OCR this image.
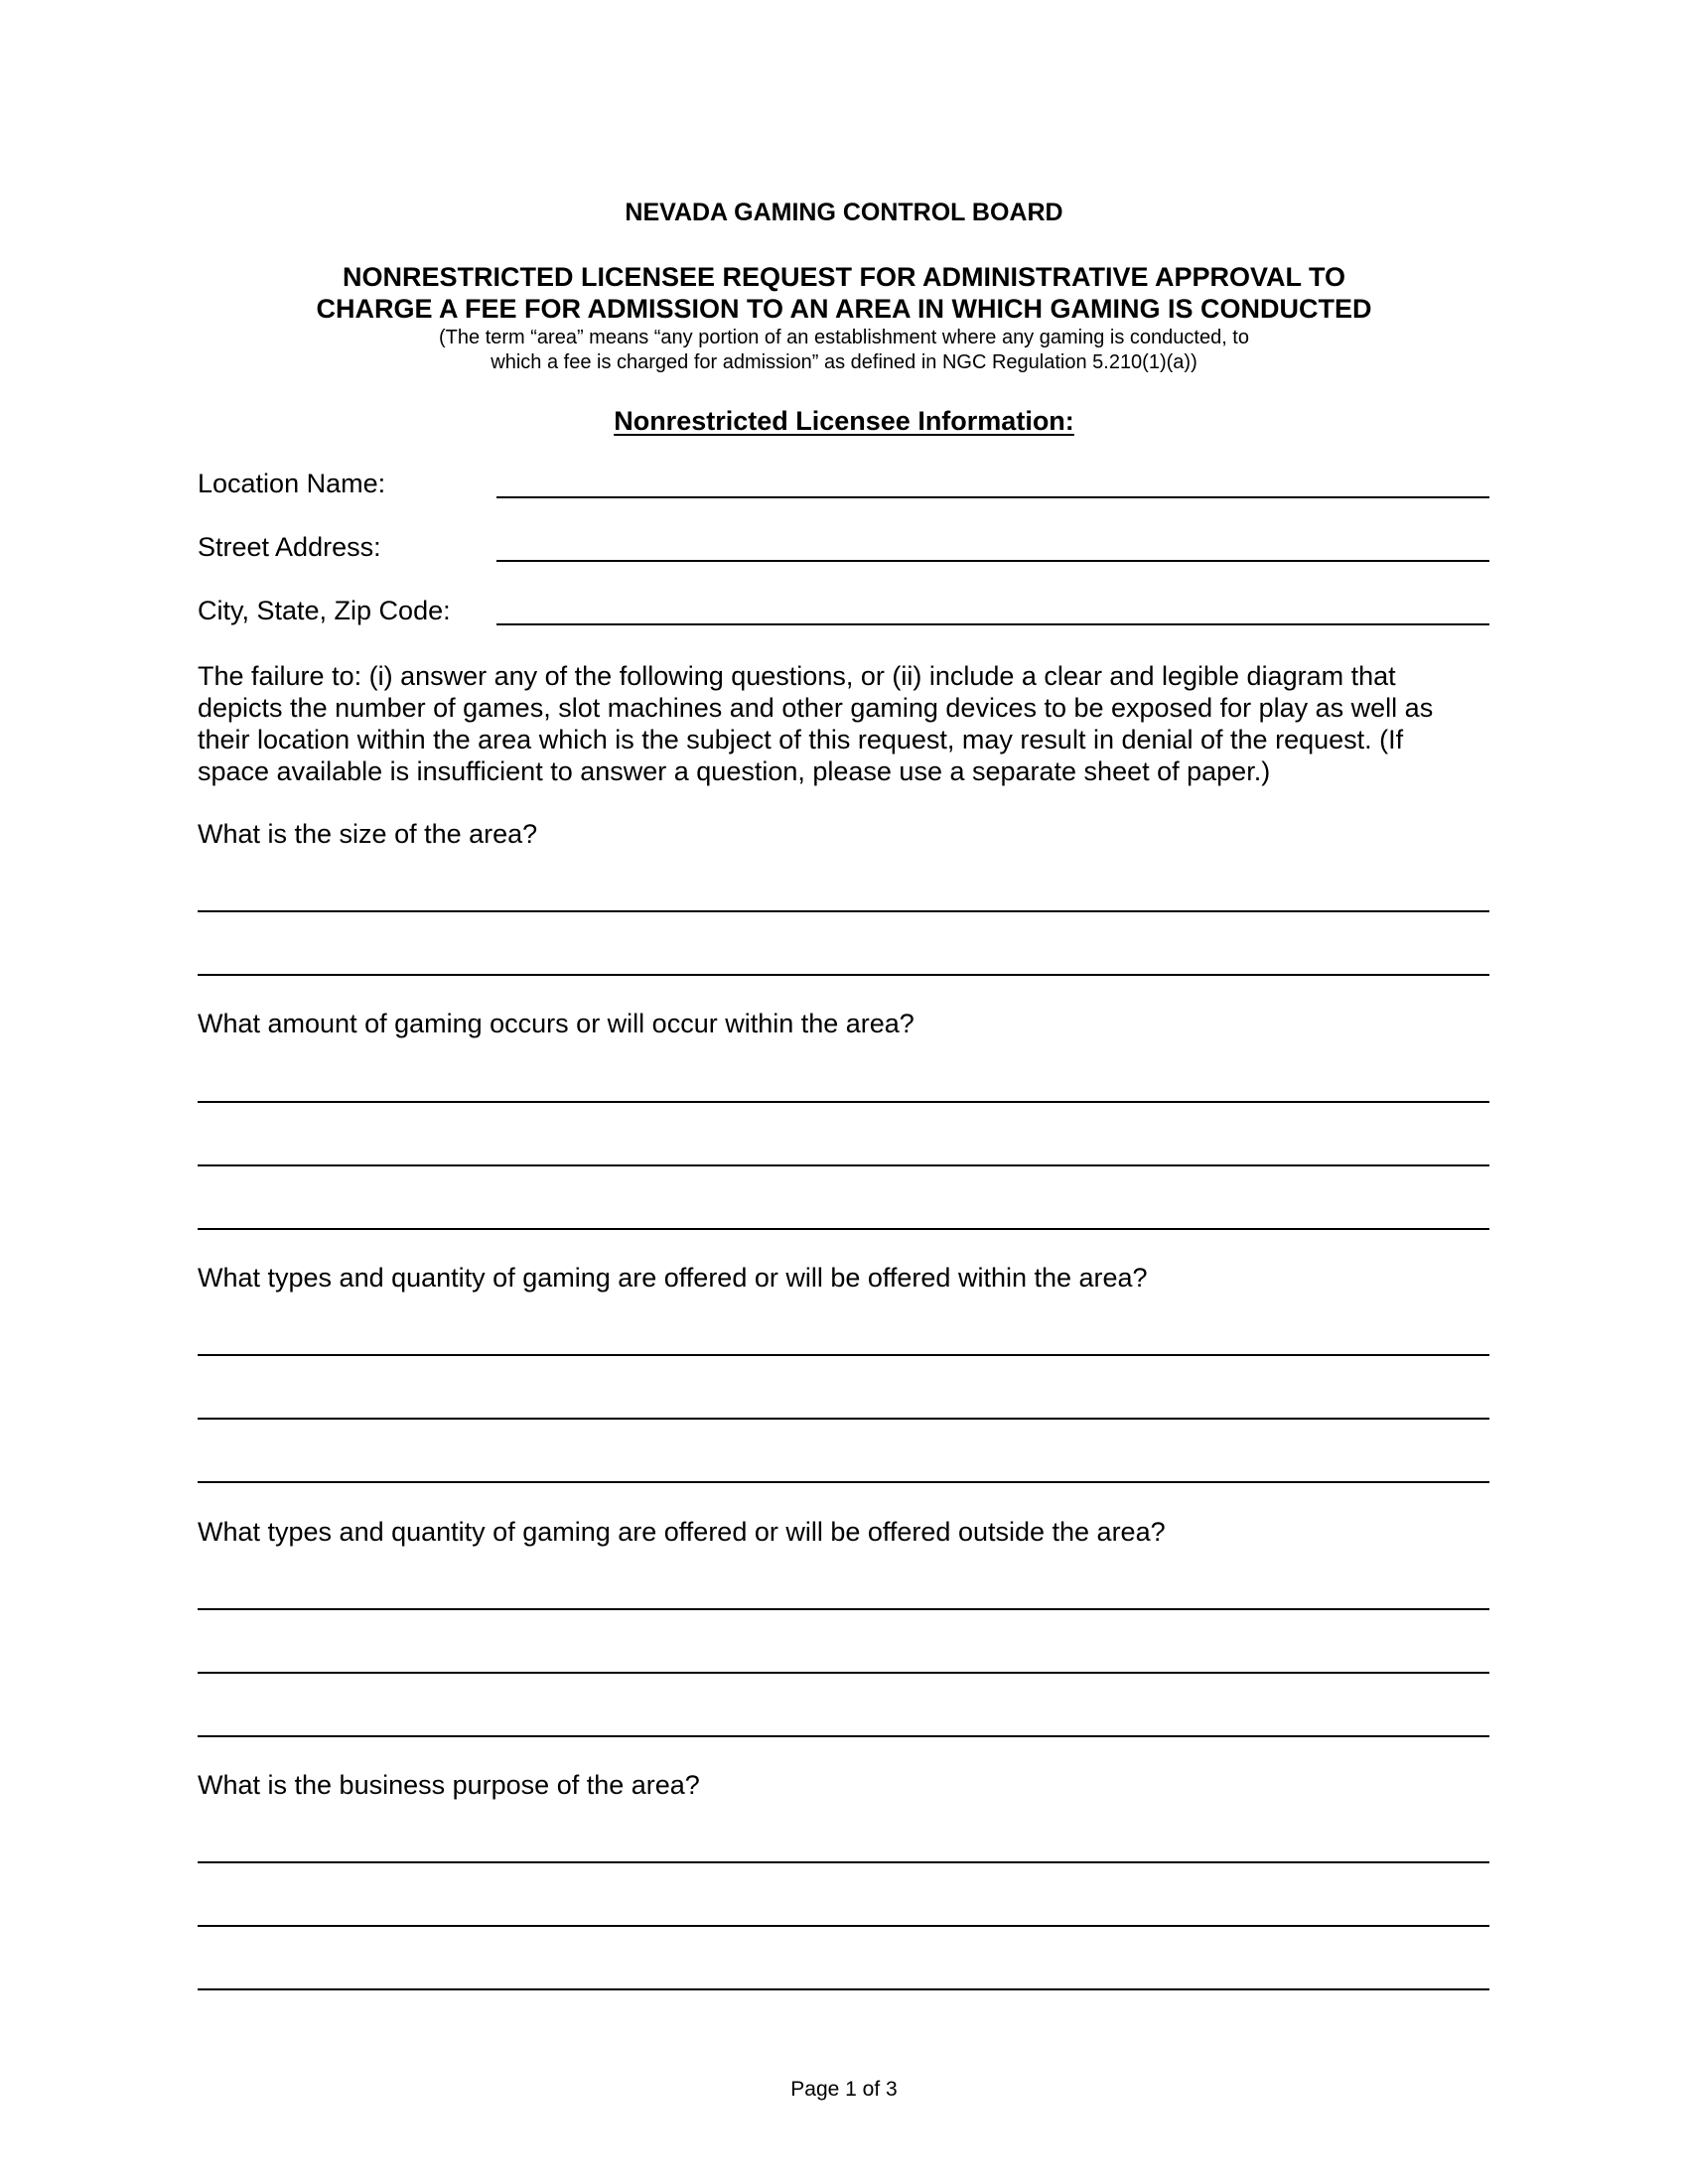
NEVADA GAMING CONTROL BOARD
NONRESTRICTED LICENSEE REQUEST FOR ADMINISTRATIVE APPROVAL TO
CHARGE A FEE FOR ADMISSION TO AN AREA IN WHICH GAMING IS CONDUCTED
(The term “area” means “any portion of an establishment where any gaming is conducted, to
which a fee is charged for admission” as defined in NGC Regulation 5.210(1)(a))
Nonrestricted Licensee Information:
Location Name:
Street Address:
City, State, Zip Code:
The failure to: (i) answer any of the following questions, or (ii) include a clear and legible diagram that
depicts the number of games, slot machines and other gaming devices to be exposed for play as well as
their location within the area which is the subject of this request, may result in denial of the request. (If
space available is insufficient to answer a question, please use a separate sheet of paper.)
What is the size of the area?
What amount of gaming occurs or will occur within the area?
What types and quantity of gaming are offered or will be offered within the area?
What types and quantity of gaming are offered or will be offered outside the area?
What is the business purpose of the area?
Page 1 of 3
